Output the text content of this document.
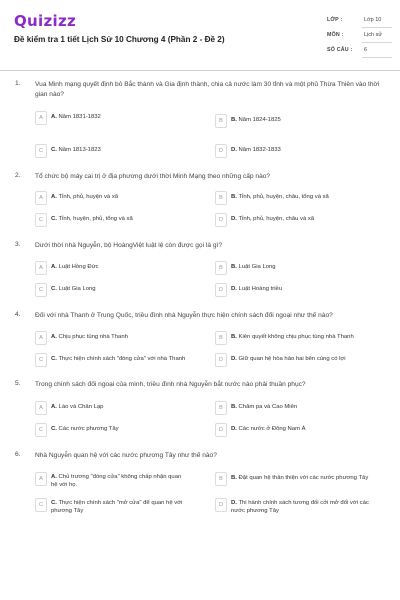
Quizizz
Đề kiểm tra 1 tiết Lịch Sử 10 Chương 4 (Phần 2 - Đề 2)
LỚP :	Lớp 10
MÔN :	Lịch sử
SỐ CÂU : 6
1. Vua Minh mạng quyết định bỏ Bắc thành và Gia định thành, chia cả nước làm 30 tỉnh và một phủ Thừa Thiên vào thời gian nào?
A	A. Năm 1831-1832
B	B. Năm 1824-1825
C	C. Năm 1813-1823	D	D. Năm 1832-1833
2. Tổ chức bộ máy cai trị ở địa phương dưới thời Minh Mạng theo những cấp nào?
A	A. Tỉnh, phủ, huyện và xã	B	B. Tỉnh, phủ, huyện, châu, tổng và xã
C	C. Tỉnh, huyện, phủ, tổng và xã	D	D. Tỉnh, phủ, huyện, châu và xã
3. Dưới thời nhà Nguyễn, bộ HoàngViệt luật lệ còn được gọi là gì?
A	A. Luật Hồng Đức	B	B. Luật Gia Long
C	C. Luật Gia Long	D	D. Luật Hoàng triều
4. Đối với nhà Thanh ở Trung Quốc, triều đình nhà Nguyễn thực hiện chính sách đối ngoại như thế nào?
A	A. Chịu phục tùng nhà Thanh	B	B. Kiên quyết không chịu phục tùng nhà Thanh
C	C. Thực hiện chính sách "đóng cửa" với nhà Thanh	D	D. Giữ quan hệ hòa hảo hai bên cùng có lợi
5. Trong chính sách đối ngoại của mình, triều đình nhà Nguyễn bắt nước nào phải thuần phục?
A	A. Lào và Chân Lạp	B	B. Chăm pa và Cao Miên
C	C. Các nước phương Tây	D	D. Các nước ở Đông Nam Á
6. Nhà Nguyễn quan hệ với các nước phương Tây như thế nào?
A	A. Chủ trương "đóng cửa" không chấp nhận quan hệ với họ.
B	B. Đặt quan hệ thân thiện với các nước phương Tây
C	C. Thực hiện chính sách "mở cửa" để quan hệ với phương Tây
D	D. Thi hành chính sách tương đối cởi mở đối với các nước phương Tây
